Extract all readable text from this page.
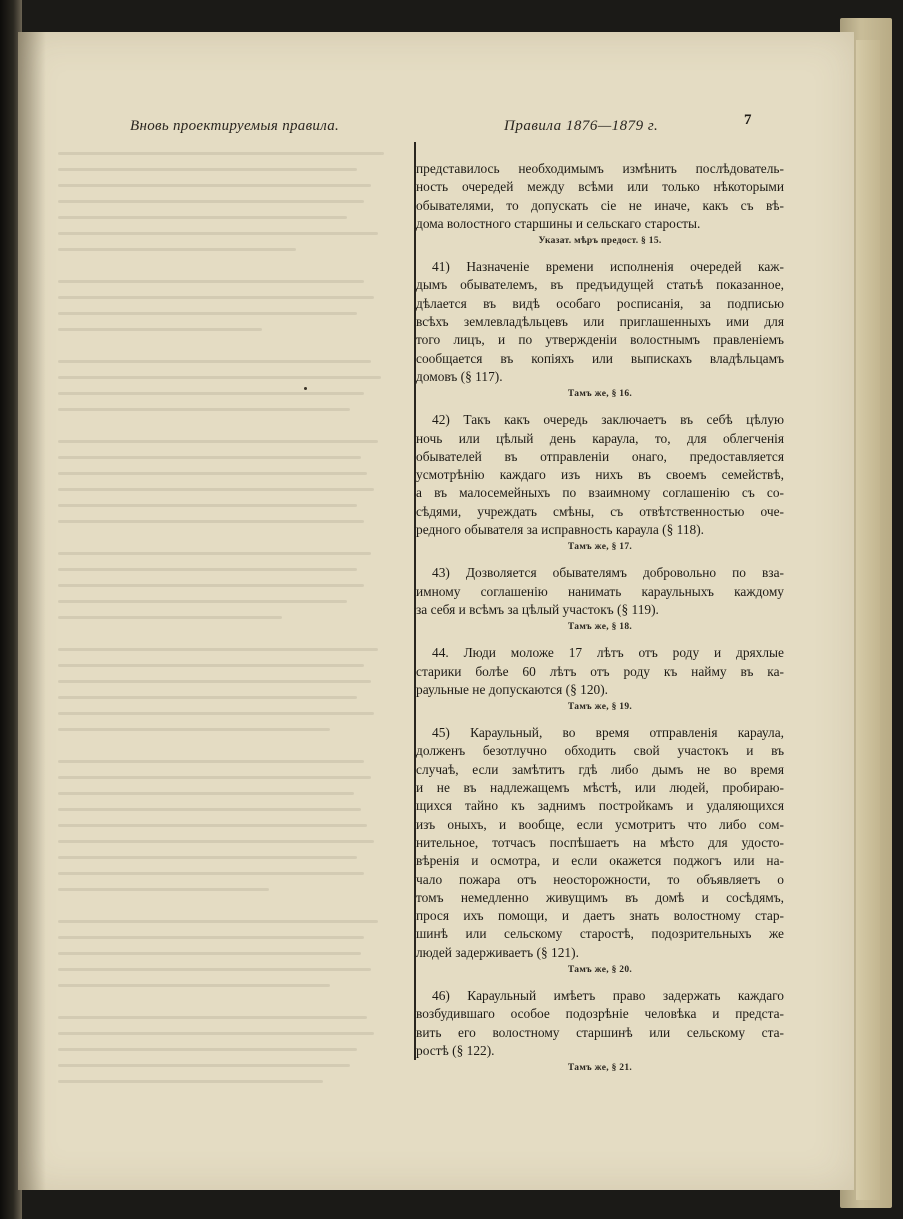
Вновь проектируемыя правила.	Правила 1876—1879 г.	7
представилось необходимымъ измѣнить послѣдователь-
ность очередей между всѣми или только нѣкоторыми
обывателями, то допускать сіе не иначе, какъ съ вѣ-
дома волостного старшины и сельскаго старосты.
Указат. мѣръ предост. § 15.
41) Назначеніе времени исполненія очередей каж-
дымъ обывателемъ, въ предъидущей статьѣ показанное,
дѣлается въ видѣ особаго росписанія, за подписью
всѣхъ землевладѣльцевъ или приглашенныхъ ими для
того лицъ, и по утвержденіи волостнымъ правленіемъ
сообщается въ копіяхъ или выпискахъ владѣльцамъ
домовъ (§ 117).
Тамъ же, § 16.
42) Такъ какъ очередь заключаетъ въ себѣ цѣлую
ночь или цѣлый день караула, то, для облегченія
обывателей въ отправленіи онаго, предоставляется
усмотрѣнію каждаго изъ нихъ въ своемъ семействѣ,
а въ малосемейныхъ по взаимному соглашенію съ со-
сѣдями, учреждать смѣны, съ отвѣтственностью оче-
редного обывателя за исправность караула (§ 118).
Тамъ же, § 17.
43) Дозволяется обывателямъ добровольно по вза-
имному соглашенію нанимать караульныхъ каждому
за себя и всѣмъ за цѣлый участокъ (§ 119).
Тамъ же, § 18.
44. Люди моложе 17 лѣтъ отъ роду и дряхлые
старики болѣе 60 лѣтъ отъ роду къ найму въ ка-
раульные не допускаются (§ 120).
Тамъ же, § 19.
45) Караульный, во время отправленія караула,
долженъ безотлучно обходить свой участокъ и въ
случаѣ, если замѣтитъ гдѣ либо дымъ не во время
и не въ надлежащемъ мѣстѣ, или людей, пробираю-
щихся тайно къ заднимъ постройкамъ и удаляющихся
изъ оныхъ, и вообще, если усмотритъ что либо сом-
нительное, тотчасъ поспѣшаетъ на мѣсто для удосто-
вѣренія и осмотра, и если окажется поджогъ или на-
чало пожара отъ неосторожности, то объявляетъ о
томъ немедленно живущимъ въ домѣ и сосѣдямъ,
прося ихъ помощи, и даетъ знать волостному стар-
шинѣ или сельскому старостѣ, подозрительныхъ же
людей задерживаетъ (§ 121).
Тамъ же, § 20.
46) Караульный имѣетъ право задержать каждаго
возбудившаго особое подозрѣніе человѣка и предста-
вить его волостному старшинѣ или сельскому ста-
ростѣ (§ 122).
Тамъ же, § 21.
